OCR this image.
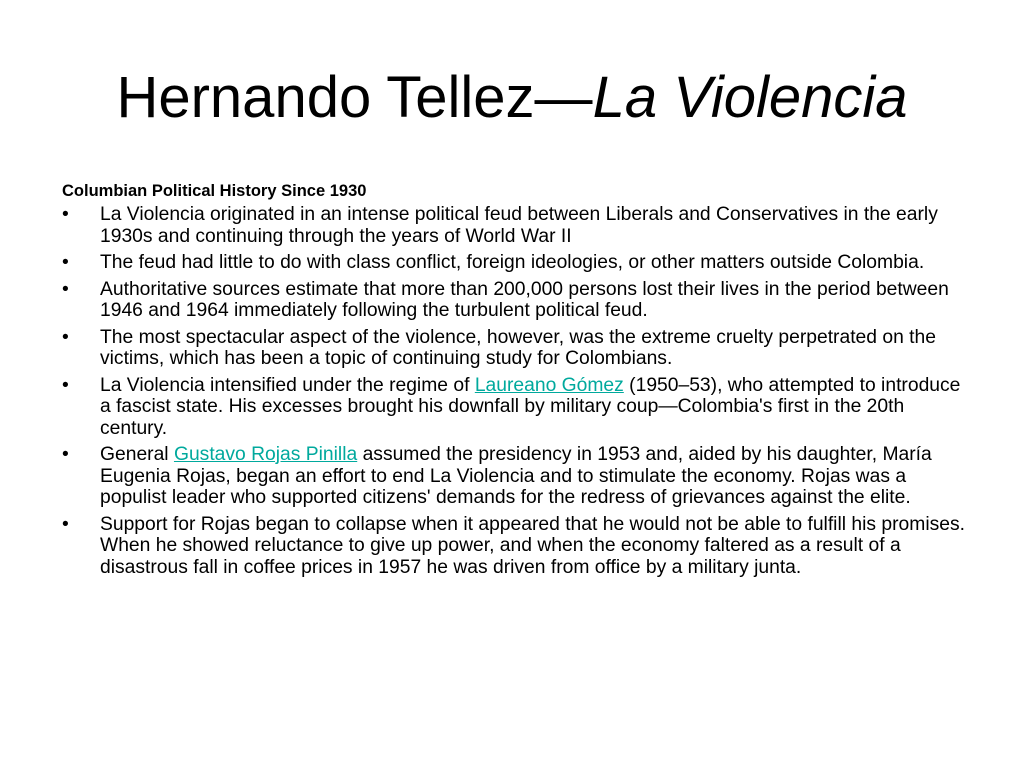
Hernando Tellez—La Violencia

Columbian Political History Since 1930

• La Violencia originated in an intense political feud between Liberals and Conservatives in the early 1930s and continuing through the years of World War II
• The feud had little to do with class conflict, foreign ideologies, or other matters outside Colombia.
• Authoritative sources estimate that more than 200,000 persons lost their lives in the period between 1946 and 1964 immediately following the turbulent political feud.
• The most spectacular aspect of the violence, however, was the extreme cruelty perpetrated on the victims, which has been a topic of continuing study for Colombians.
• La Violencia intensified under the regime of Laureano Gómez (1950–53), who attempted to introduce a fascist state. His excesses brought his downfall by military coup—Colombia's first in the 20th century.
• General Gustavo Rojas Pinilla assumed the presidency in 1953 and, aided by his daughter, María Eugenia Rojas, began an effort to end La Violencia and to stimulate the economy. Rojas was a populist leader who supported citizens' demands for the redress of grievances against the elite.
• Support for Rojas began to collapse when it appeared that he would not be able to fulfill his promises. When he showed reluctance to give up power, and when the economy faltered as a result of a disastrous fall in coffee prices in 1957 he was driven from office by a military junta.
